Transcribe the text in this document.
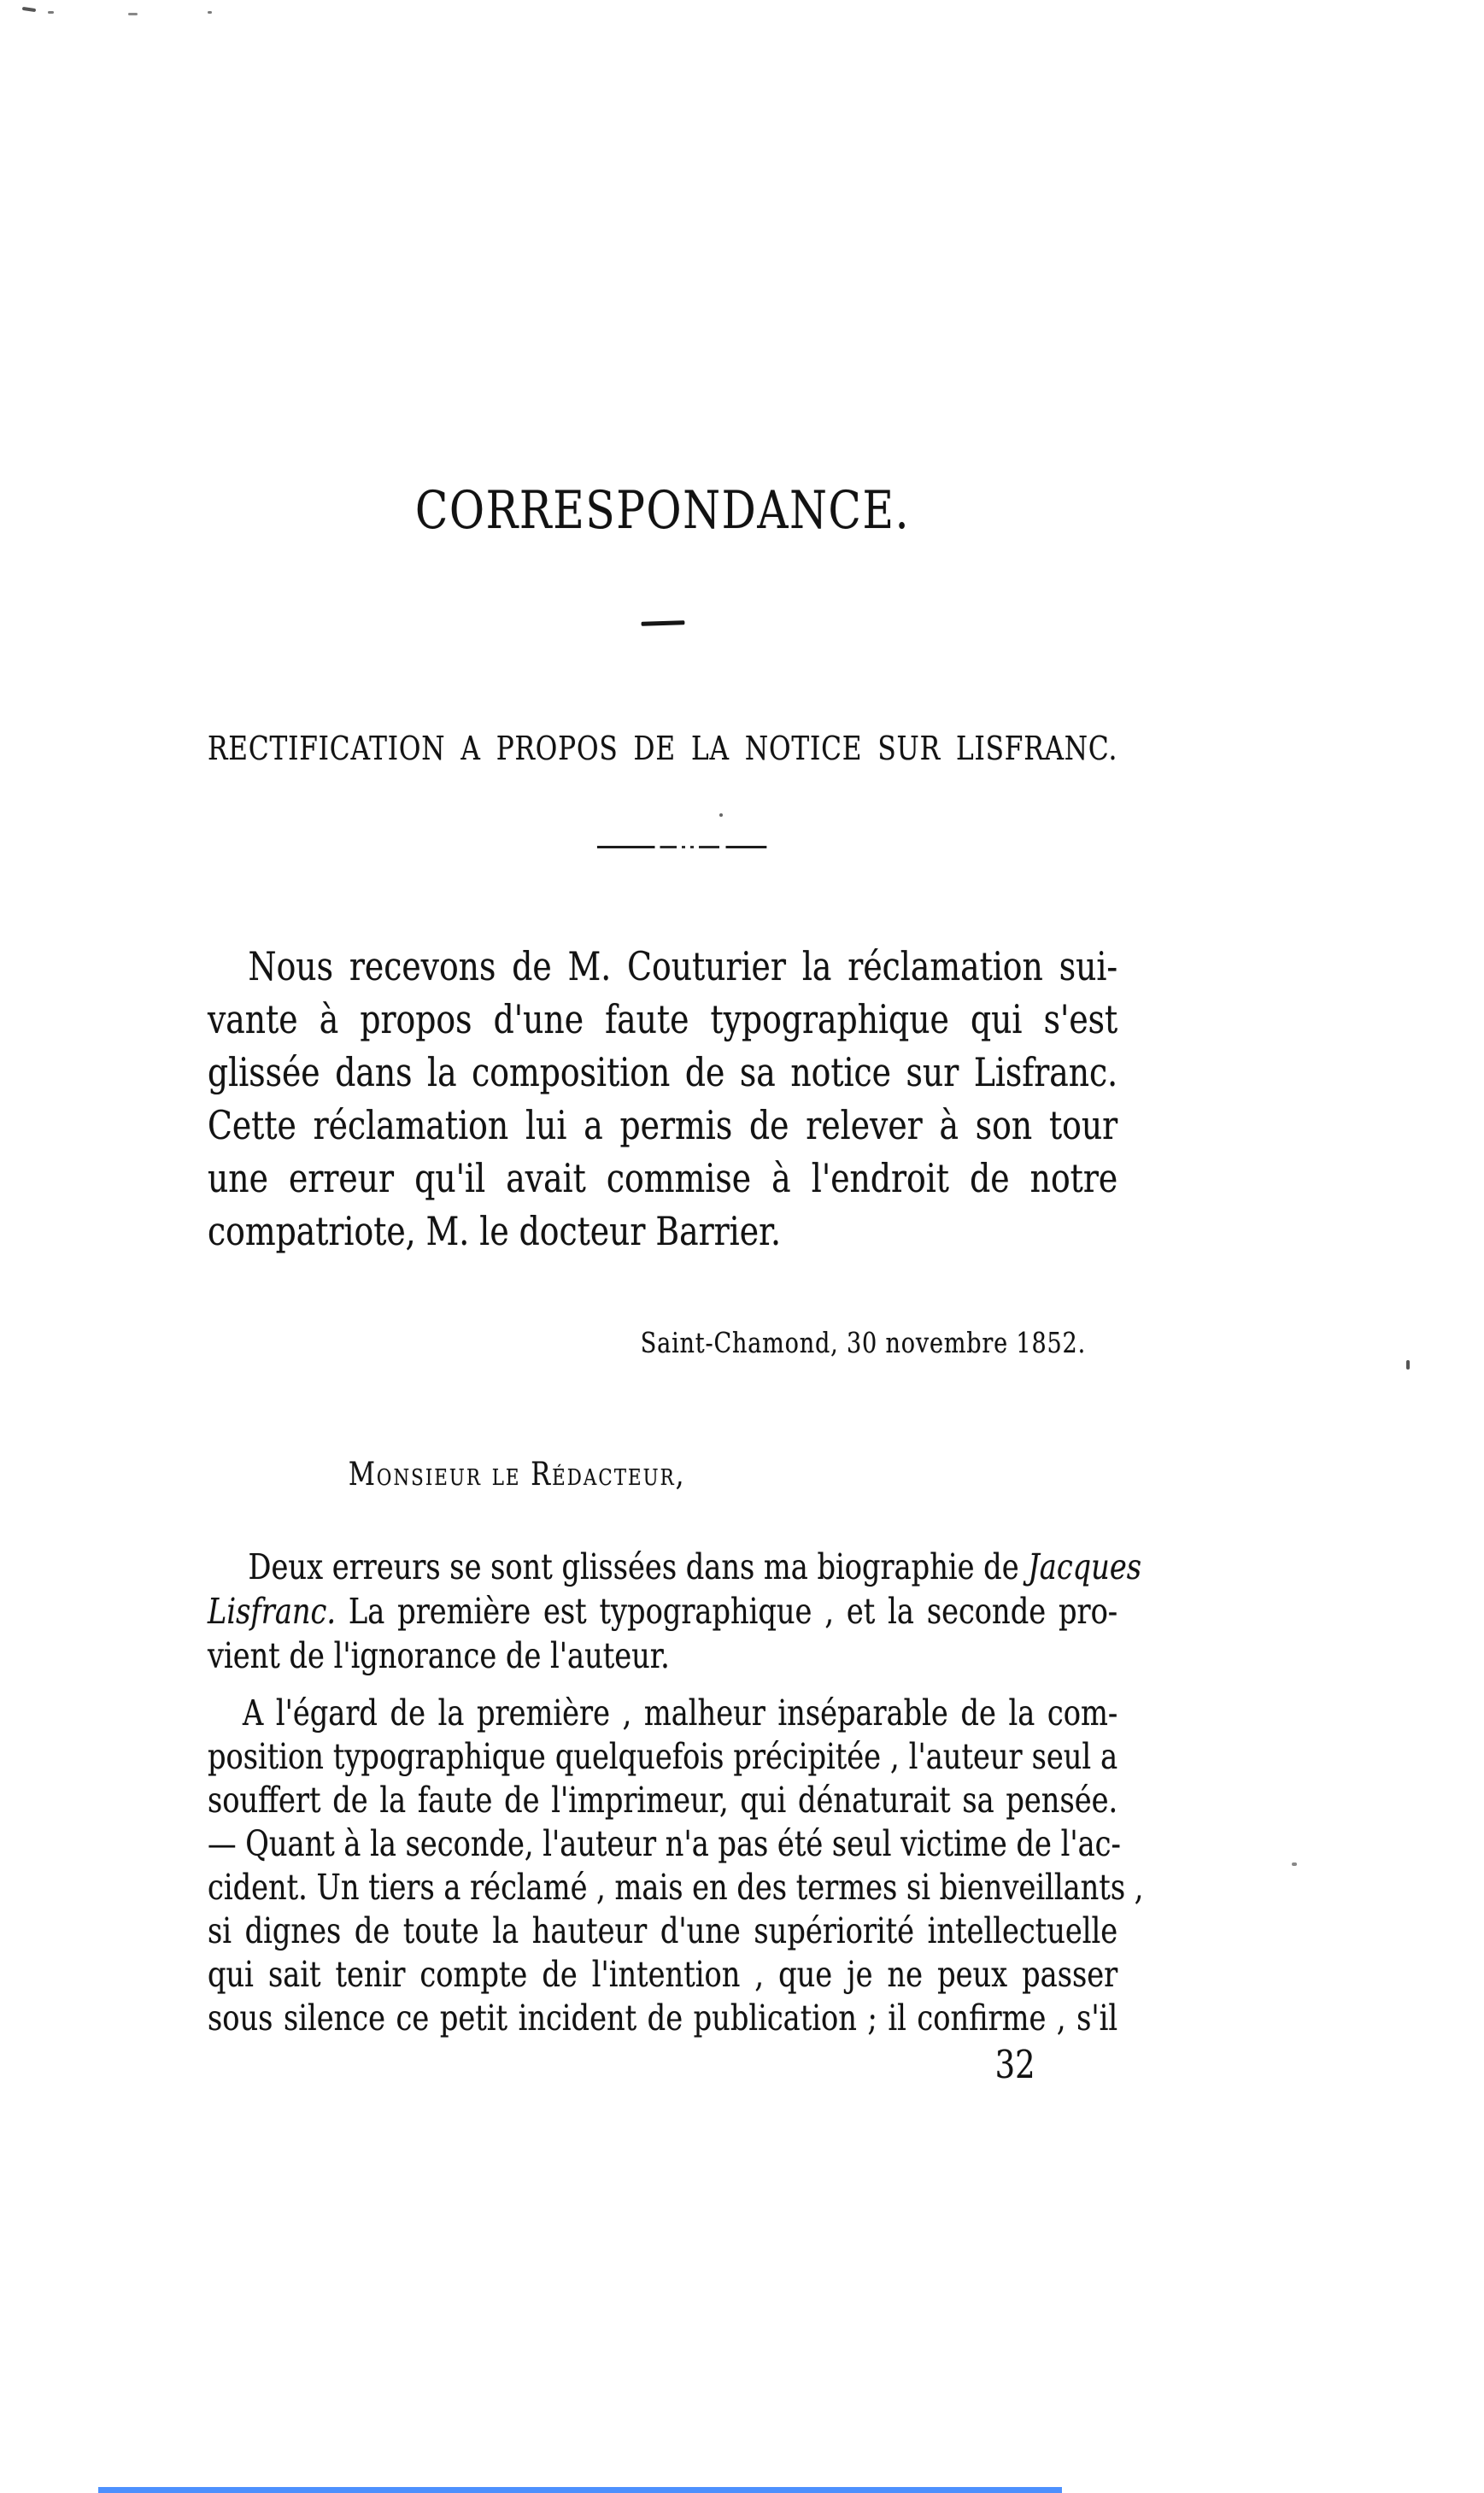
CORRESPONDANCE.
RECTIFICATION A PROPOS DE LA NOTICE SUR LISFRANC.
Nous recevons de M. Couturier la réclamation sui-
vante à propos d'une faute typographique qui s'est
glissée dans la composition de sa notice sur Lisfranc.
Cette réclamation lui a permis de relever à son tour
une erreur qu'il avait commise à l'endroit de notre
compatriote, M. le docteur Barrier.
Saint-Chamond, 30 novembre 1852.
Monsieur le Rédacteur,
Deux erreurs se sont glissées dans ma biographie de Jacques
Lisfranc. La première est typographique , et la seconde pro-
vient de l'ignorance de l'auteur.
A l'égard de la première , malheur inséparable de la com-
position typographique quelquefois précipitée , l'auteur seul a
souffert de la faute de l'imprimeur, qui dénaturait sa pensée.
— Quant à la seconde, l'auteur n'a pas été seul victime de l'ac-
cident. Un tiers a réclamé , mais en des termes si bienveillants ,
si dignes de toute la hauteur d'une supériorité intellectuelle
qui sait tenir compte de l'intention , que je ne peux passer
sous silence ce petit incident de publication ; il confirme , s'il
32
